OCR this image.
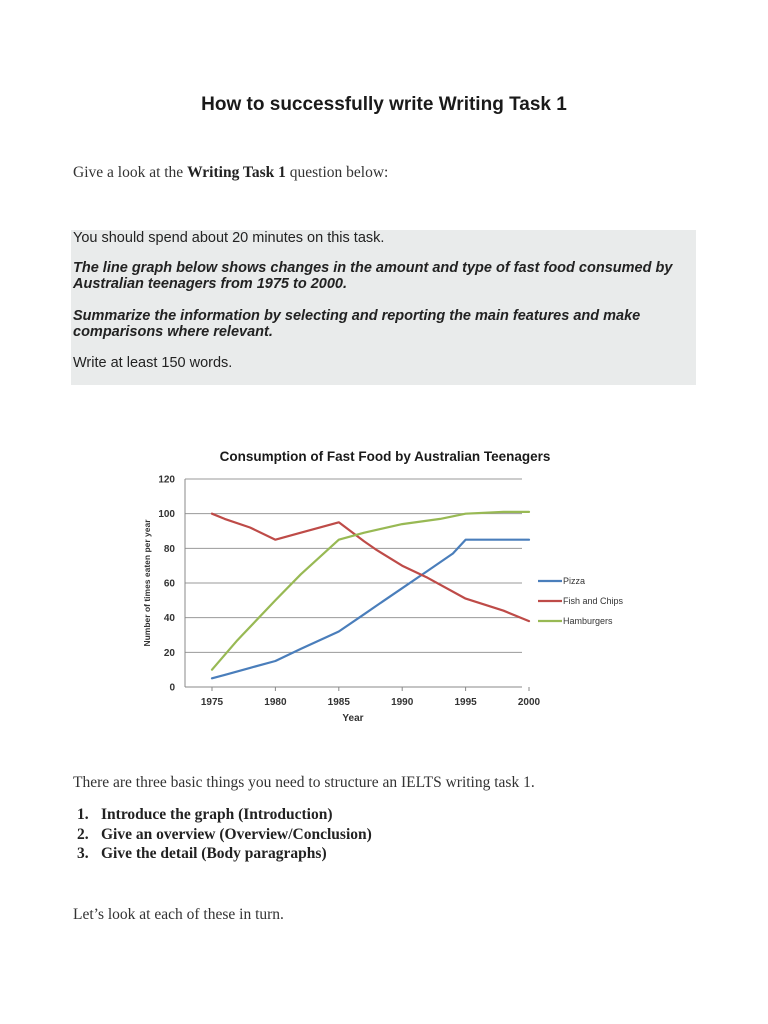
How to successfully write Writing Task 1
Give a look at the Writing Task 1 question below:

You should spend about 20 minutes on this task.

The line graph below shows changes in the amount and type of fast food consumed by Australian teenagers from 1975 to 2000.

Summarize the information by selecting and reporting the main features and make comparisons where relevant.

Write at least 150 words.

Consumption of Fast Food by Australian Teenagers
0
20
40
60
80
100
120
1975	1980	1985	1990	1995	2000
Year
Number of times eaten per year	Pizza
Fish and Chips
Hamburgers
There are three basic things you need to structure an IELTS writing task 1.
1. Introduce the graph (Introduction)
2. Give an overview (Overview/Conclusion)
3. Give the detail (Body paragraphs)
Let’s look at each of these in turn.
